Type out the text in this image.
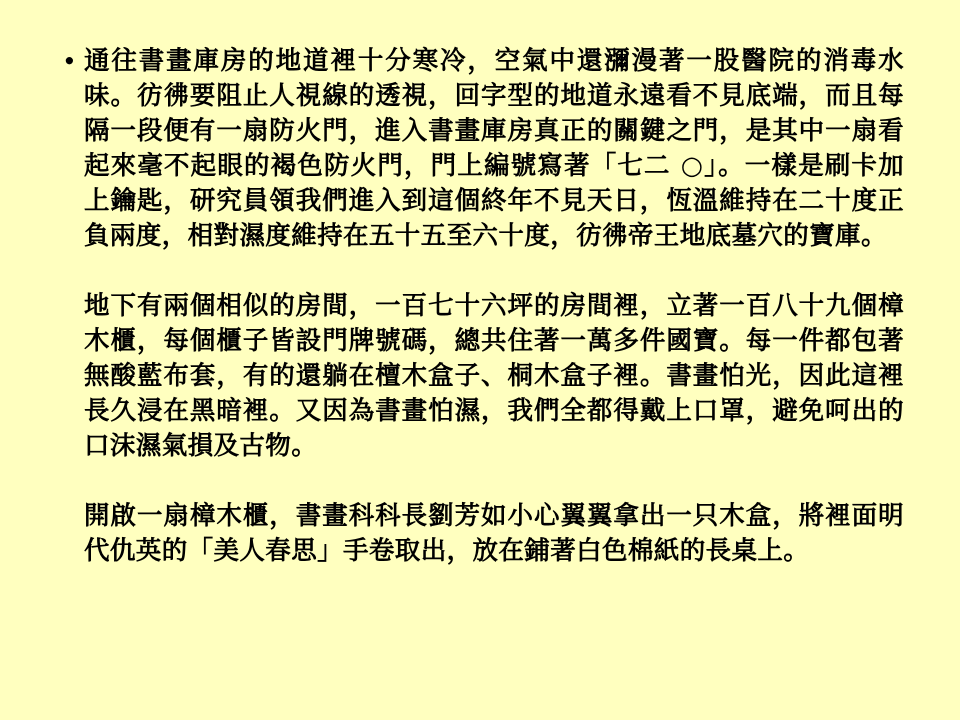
• 通往書畫庫房的地道裡十分寒冷，空氣中還瀰漫著一股醫院的消毒水味。彷彿要阻止人視線的透視，回字型的地道永遠看不見底端，而且每隔一段便有一扇防火門，進入書畫庫房真正的關鍵之門，是其中一扇看起來毫不起眼的褐色防火門，門上編號寫著「七二 ○」。一樣是刷卡加上鑰匙，研究員領我們進入到這個終年不見天日，恆溫維持在二十度正負兩度，相對濕度維持在五十五至六十度，彷彿帝王地底墓穴的寶庫。
地下有兩個相似的房間，一百七十六坪的房間裡，立著一百八十九個樟木櫃，每個櫃子皆設門牌號碼，總共住著一萬多件國寶。每一件都包著無酸藍布套，有的還躺在檀木盒子、桐木盒子裡。書畫怕光，因此這裡長久浸在黑暗裡。又因為書畫怕濕，我們全都得戴上口罩，避免呵出的口沫濕氣損及古物。
開啟一扇樟木櫃，書畫科科長劉芳如小心翼翼拿出一只木盒，將裡面明代仇英的「美人春思」手卷取出，放在鋪著白色棉紙的長桌上。
